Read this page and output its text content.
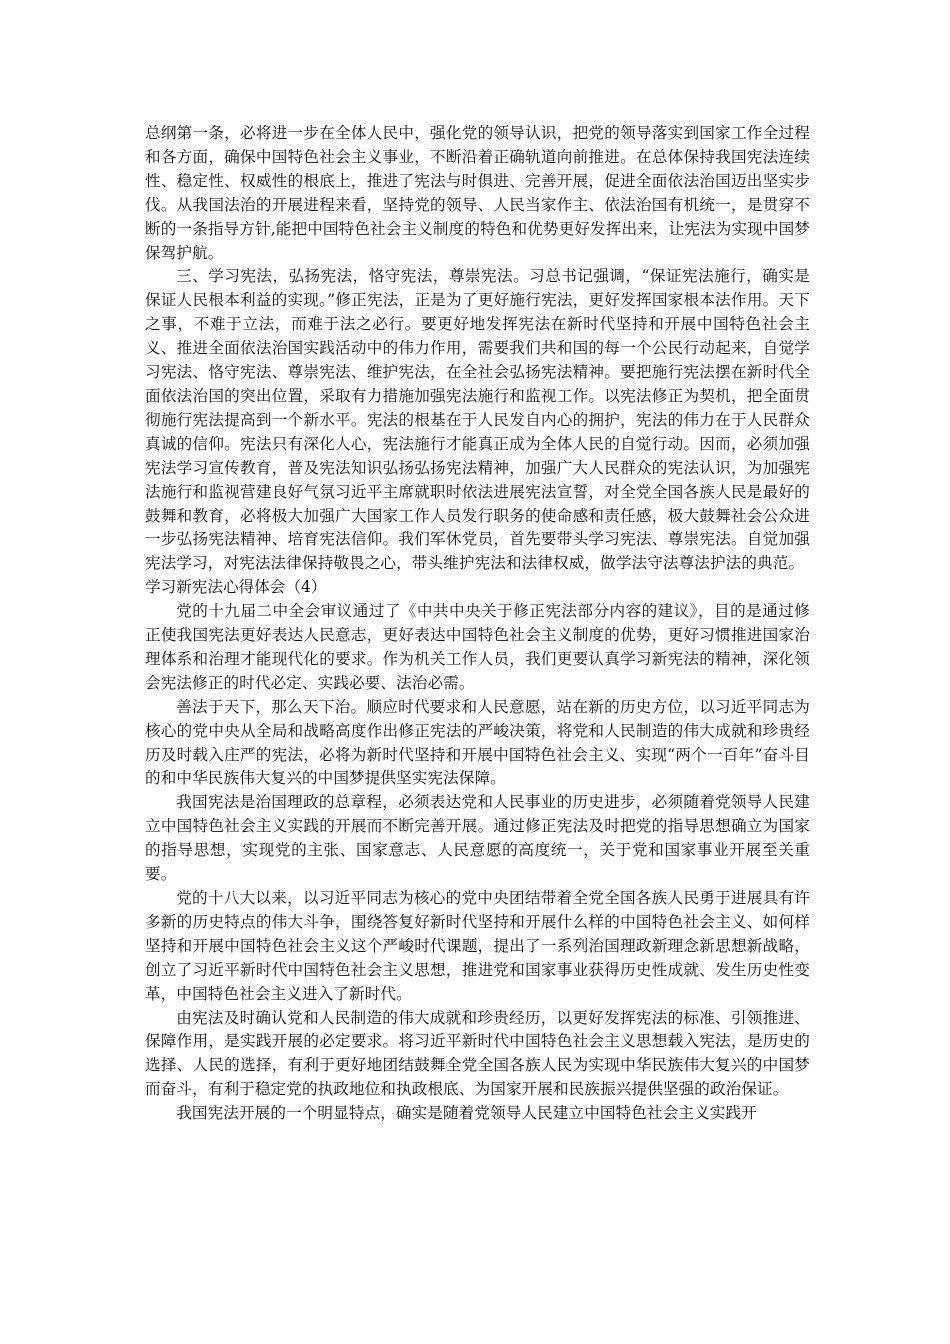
总纲第一条，必将进一步在全体人民中，强化党的领导认识，把党的领导落实到国家工作全过程和各方面，确保中国特色社会主义事业，不断沿着正确轨道向前推进。在总体保持我国宪法连续性、稳定性、权威性的根底上，推进了宪法与时俱进、完善开展，促进全面依法治国迈出坚实步伐。从我国法治的开展进程来看，坚持党的领导、人民当家作主、依法治国有机统一，是贯穿不断的一条指导方针,能把中国特色社会主义制度的特色和优势更好发挥出来，让宪法为实现中国梦保驾护航。

三、学习宪法，弘扬宪法，恪守宪法，尊崇宪法。习总书记强调，“保证宪法施行，确实是保证人民根本利益的实现。”修正宪法，正是为了更好施行宪法，更好发挥国家根本法作用。天下之事，不难于立法，而难于法之必行。要更好地发挥宪法在新时代坚持和开展中国特色社会主义、推进全面依法治国实践活动中的伟力作用，需要我们共和国的每一个公民行动起来，自觉学习宪法、恪守宪法、尊崇宪法、维护宪法，在全社会弘扬宪法精神。要把施行宪法摆在新时代全面依法治国的突出位置，采取有力措施加强宪法施行和监视工作。以宪法修正为契机，把全面贯彻施行宪法提高到一个新水平。宪法的根基在于人民发自内心的拥护，宪法的伟力在于人民群众真诚的信仰。宪法只有深化人心，宪法施行才能真正成为全体人民的自觉行动。因而，必须加强宪法学习宣传教育，普及宪法知识弘扬弘扬宪法精神，加强广大人民群众的宪法认识，为加强宪法施行和监视营建良好气氛习近平主席就职时依法进展宪法宣誓，对全党全国各族人民是最好的鼓舞和教育，必将极大加强广大国家工作人员发行职务的使命感和责任感，极大鼓舞社会公众进一步弘扬宪法精神、培育宪法信仰。我们军休党员，首先要带头学习宪法、尊崇宪法。自觉加强宪法学习，对宪法法律保持敬畏之心，带头维护宪法和法律权威，做学法守法尊法护法的典范。

学习新宪法心得体会（4）

党的十九届二中全会审议通过了《中共中央关于修正宪法部分内容的建议》，目的是通过修正使我国宪法更好表达人民意志，更好表达中国特色社会主义制度的优势，更好习惯推进国家治理体系和治理才能现代化的要求。作为机关工作人员，我们更要认真学习新宪法的精神，深化领会宪法修正的时代必定、实践必要、法治必需。

善法于天下，那么天下治。顺应时代要求和人民意愿，站在新的历史方位，以习近平同志为核心的党中央从全局和战略高度作出修正宪法的严峻决策，将党和人民制造的伟大成就和珍贵经历及时载入庄严的宪法，必将为新时代坚持和开展中国特色社会主义、实现“两个一百年”奋斗目的和中华民族伟大复兴的中国梦提供坚实宪法保障。

我国宪法是治国理政的总章程，必须表达党和人民事业的历史进步，必须随着党领导人民建立中国特色社会主义实践的开展而不断完善开展。通过修正宪法及时把党的指导思想确立为国家的指导思想，实现党的主张、国家意志、人民意愿的高度统一，关于党和国家事业开展至关重要。

党的十八大以来，以习近平同志为核心的党中央团结带着全党全国各族人民勇于进展具有许多新的历史特点的伟大斗争，围绕答复好新时代坚持和开展什么样的中国特色社会主义、如何样坚持和开展中国特色社会主义这个严峻时代课题，提出了一系列治国理政新理念新思想新战略，创立了习近平新时代中国特色社会主义思想，推进党和国家事业获得历史性成就、发生历史性变革，中国特色社会主义进入了新时代。

由宪法及时确认党和人民制造的伟大成就和珍贵经历，以更好发挥宪法的标准、引领推进、保障作用，是实践开展的必定要求。将习近平新时代中国特色社会主义思想载入宪法，是历史的选择、人民的选择，有利于更好地团结鼓舞全党全国各族人民为实现中华民族伟大复兴的中国梦而奋斗，有利于稳定党的执政地位和执政根底、为国家开展和民族振兴提供坚强的政治保证。

我国宪法开展的一个明显特点，确实是随着党领导人民建立中国特色社会主义实践开
